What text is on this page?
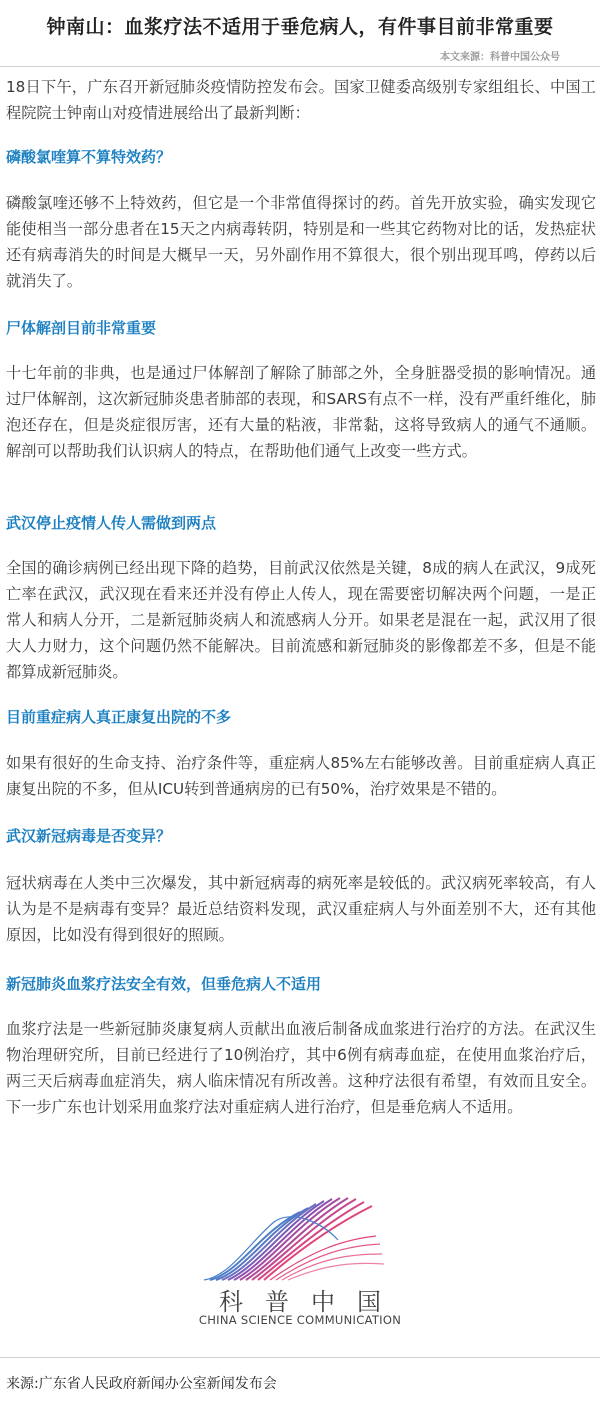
钟南山：血浆疗法不适用于垂危病人，有件事目前非常重要
本文来源：科普中国公众号

18日下午，广东召开新冠肺炎疫情防控发布会。国家卫健委高级别专家组组长、中国工程院院士钟南山对疫情进展给出了最新判断：

磷酸氯喹算不算特效药？

磷酸氯喹还够不上特效药，但它是一个非常值得探讨的药。首先开放实验，确实发现它能使相当一部分患者在15天之内病毒转阴，特别是和一些其它药物对比的话，发热症状还有病毒消失的时间是大概早一天，另外副作用不算很大，很个别出现耳鸣，停药以后就消失了。

尸体解剖目前非常重要

十七年前的非典，也是通过尸体解剖了解除了肺部之外，全身脏器受损的影响情况。通过尸体解剖，这次新冠肺炎患者肺部的表现，和SARS有点不一样，没有严重纤维化，肺泡还存在，但是炎症很厉害，还有大量的粘液，非常黏，这将导致病人的通气不通顺。解剖可以帮助我们认识病人的特点，在帮助他们通气上改变一些方式。

武汉停止疫情人传人需做到两点

全国的确诊病例已经出现下降的趋势，目前武汉依然是关键，8成的病人在武汉，9成死亡率在武汉，武汉现在看来还并没有停止人传人，现在需要密切解决两个问题，一是正常人和病人分开，二是新冠肺炎病人和流感病人分开。如果老是混在一起，武汉用了很大人力财力，这个问题仍然不能解决。目前流感和新冠肺炎的影像都差不多，但是不能都算成新冠肺炎。

目前重症病人真正康复出院的不多

如果有很好的生命支持、治疗条件等，重症病人85%左右能够改善。目前重症病人真正康复出院的不多，但从ICU转到普通病房的已有50%，治疗效果是不错的。

武汉新冠病毒是否变异？

冠状病毒在人类中三次爆发，其中新冠病毒的病死率是较低的。武汉病死率较高，有人认为是不是病毒有变异？最近总结资料发现，武汉重症病人与外面差别不大，还有其他原因，比如没有得到很好的照顾。

新冠肺炎血浆疗法安全有效，但垂危病人不适用

血浆疗法是一些新冠肺炎康复病人贡献出血液后制备成血浆进行治疗的方法。在武汉生物治理研究所，目前已经进行了10例治疗，其中6例有病毒血症，在使用血浆治疗后，两三天后病毒血症消失，病人临床情况有所改善。这种疗法很有希望，有效而且安全。下一步广东也计划采用血浆疗法对重症病人进行治疗，但是垂危病人不适用。

科普中国
CHINA SCIENCE COMMUNICATION
来源:广东省人民政府新闻办公室新闻发布会
